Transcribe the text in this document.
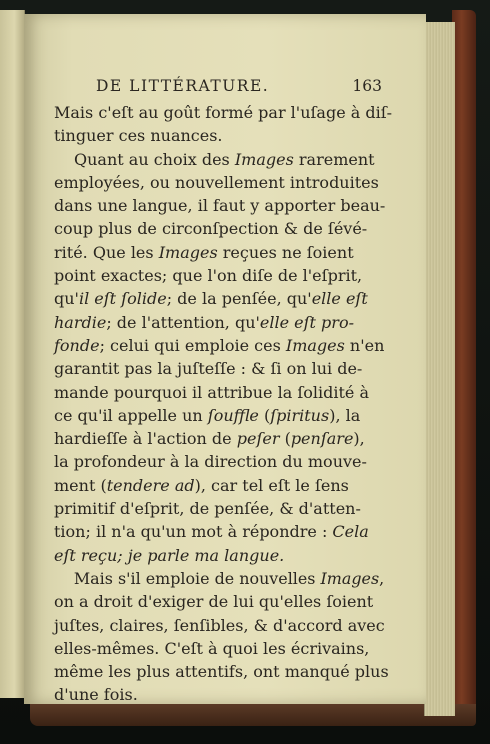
DE LITTÉRATURE.	163
Mais c'eſt au goût formé par l'uſage à diſ-
tinguer ces nuances.
Quant au choix des Images rarement
employées, ou nouvellement introduites
dans une langue, il faut y apporter beau-
coup plus de circonſpection & de ſévé-
rité. Que les Images reçues ne ſoient
point exactes; que l'on diſe de l'eſprit,
qu'il eſt ſolide; de la penſée, qu'elle eſt
hardie; de l'attention, qu'elle eſt pro-
fonde; celui qui emploie ces Images n'en
garantit pas la juſteſſe : & ſi on lui de-
mande pourquoi il attribue la ſolidité à
ce qu'il appelle un ſouffle (ſpiritus), la
hardieſſe à l'action de peſer (penſare),
la profondeur à la direction du mouve-
ment (tendere ad), car tel eſt le ſens
primitif d'eſprit, de penſée, & d'atten-
tion; il n'a qu'un mot à répondre : Cela
eſt reçu; je parle ma langue.
Mais s'il emploie de nouvelles Images,
on a droit d'exiger de lui qu'elles ſoient
juſtes, claires, ſenſibles, & d'accord avec
elles-mêmes. C'eſt à quoi les écrivains,
même les plus attentifs, ont manqué plus
d'une fois.
